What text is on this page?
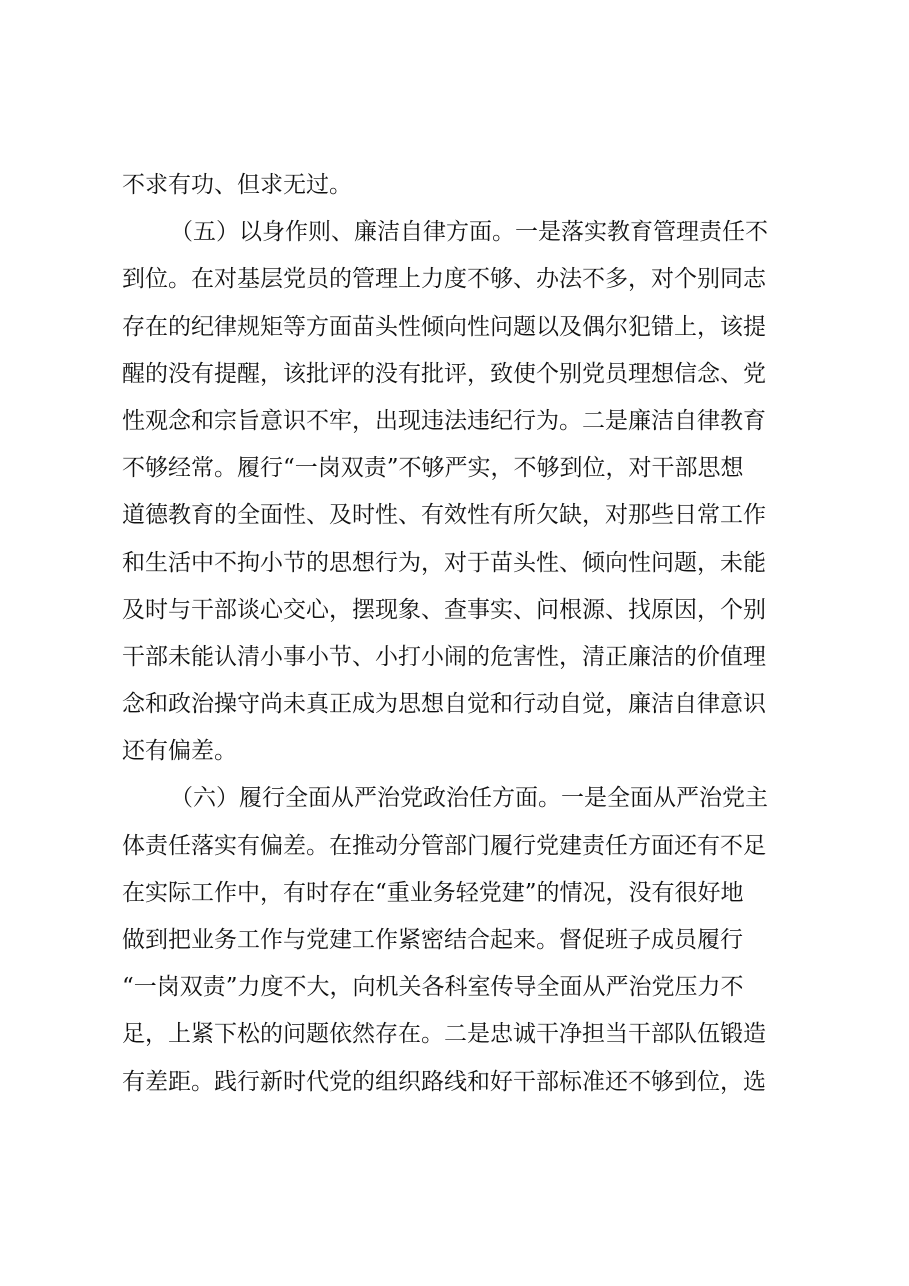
不求有功、但求无过。
（五）以身作则、廉洁自律方面。一是落实教育管理责任不
到位。在对基层党员的管理上力度不够、办法不多，对个别同志
存在的纪律规矩等方面苗头性倾向性问题以及偶尔犯错上，该提
醒的没有提醒，该批评的没有批评，致使个别党员理想信念、党
性观念和宗旨意识不牢，出现违法违纪行为。二是廉洁自律教育
不够经常。履行“一岗双责”不够严实，不够到位，对干部思想
道德教育的全面性、及时性、有效性有所欠缺，对那些日常工作
和生活中不拘小节的思想行为，对于苗头性、倾向性问题，未能
及时与干部谈心交心，摆现象、查事实、问根源、找原因，个别
干部未能认清小事小节、小打小闹的危害性，清正廉洁的价值理
念和政治操守尚未真正成为思想自觉和行动自觉，廉洁自律意识
还有偏差。
（六）履行全面从严治党政治任方面。一是全面从严治党主
体责任落实有偏差。在推动分管部门履行党建责任方面还有不足
在实际工作中，有时存在“重业务轻党建”的情况，没有很好地
做到把业务工作与党建工作紧密结合起来。督促班子成员履行
“一岗双责”力度不大，向机关各科室传导全面从严治党压力不
足，上紧下松的问题依然存在。二是忠诚干净担当干部队伍锻造
有差距。践行新时代党的组织路线和好干部标准还不够到位，选
